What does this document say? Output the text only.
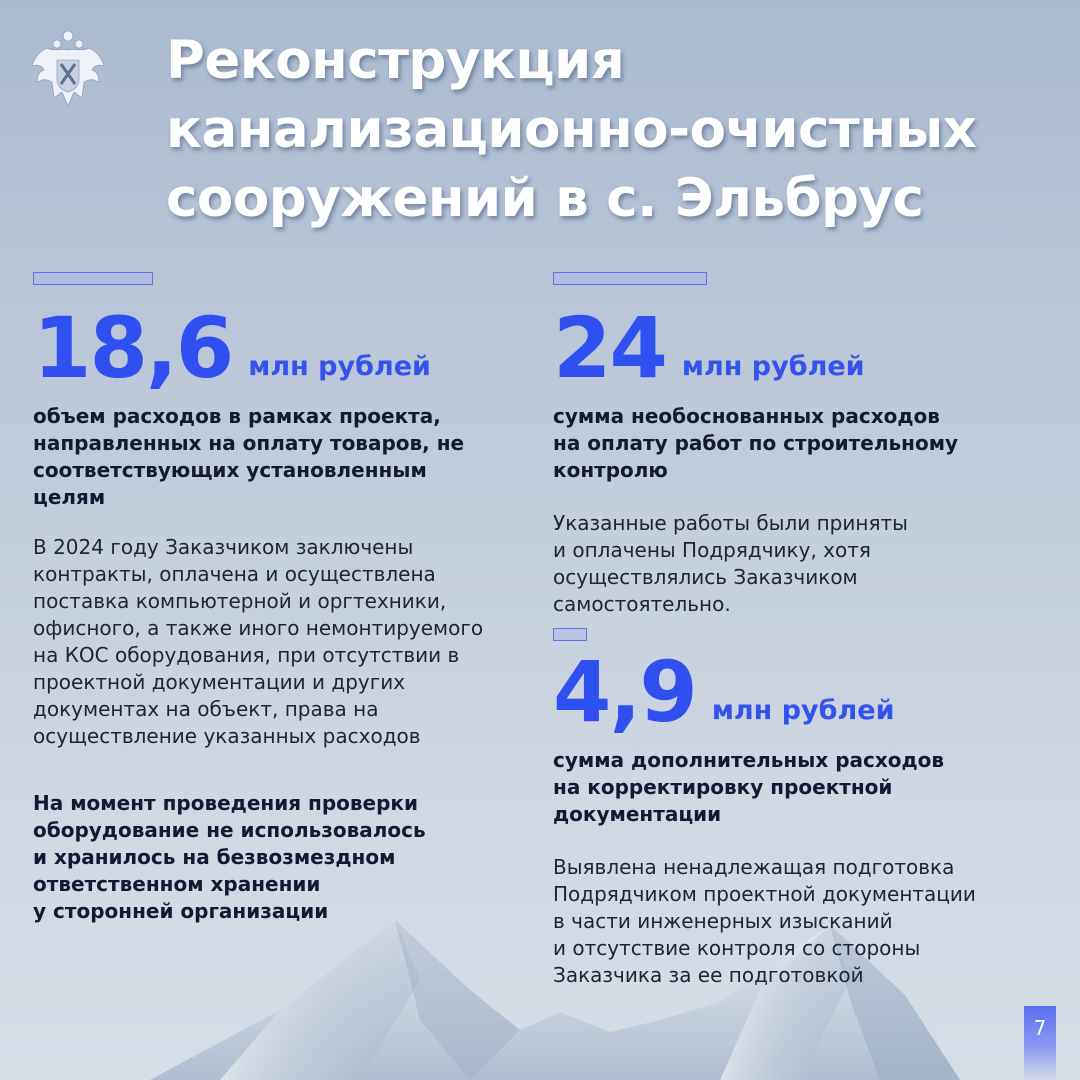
Реконструкция
канализационно-очистных
сооружений в с. Эльбрус
18,6 млн рублей

объем расходов в рамках проекта,

направленных на оплату товаров, не

соответствующих установленным

целям

В 2024 году Заказчиком заключены

контракты, оплачена и осуществлена

поставка компьютерной и оргтехники,

офисного, а также иного немонтируемого

на КОС оборудования, при отсутствии в

проектной документации и других

документах на объект, права на

осуществление указанных расходов

На момент проведения проверки

оборудование не использовалось

и хранилось на безвозмездном

ответственном хранении

у сторонней организации

24 млн рублей

сумма необоснованных расходов

на оплату работ по строительному

контролю

Указанные работы были приняты

и оплачены Подрядчику, хотя

осуществлялись Заказчиком

самостоятельно.

4,9 млн рублей

сумма дополнительных расходов

на корректировку проектной

документации

Выявлена ненадлежащая подготовка

Подрядчиком проектной документации

в части инженерных изысканий

и отсутствие контроля со стороны

Заказчика за ее подготовкой

7
